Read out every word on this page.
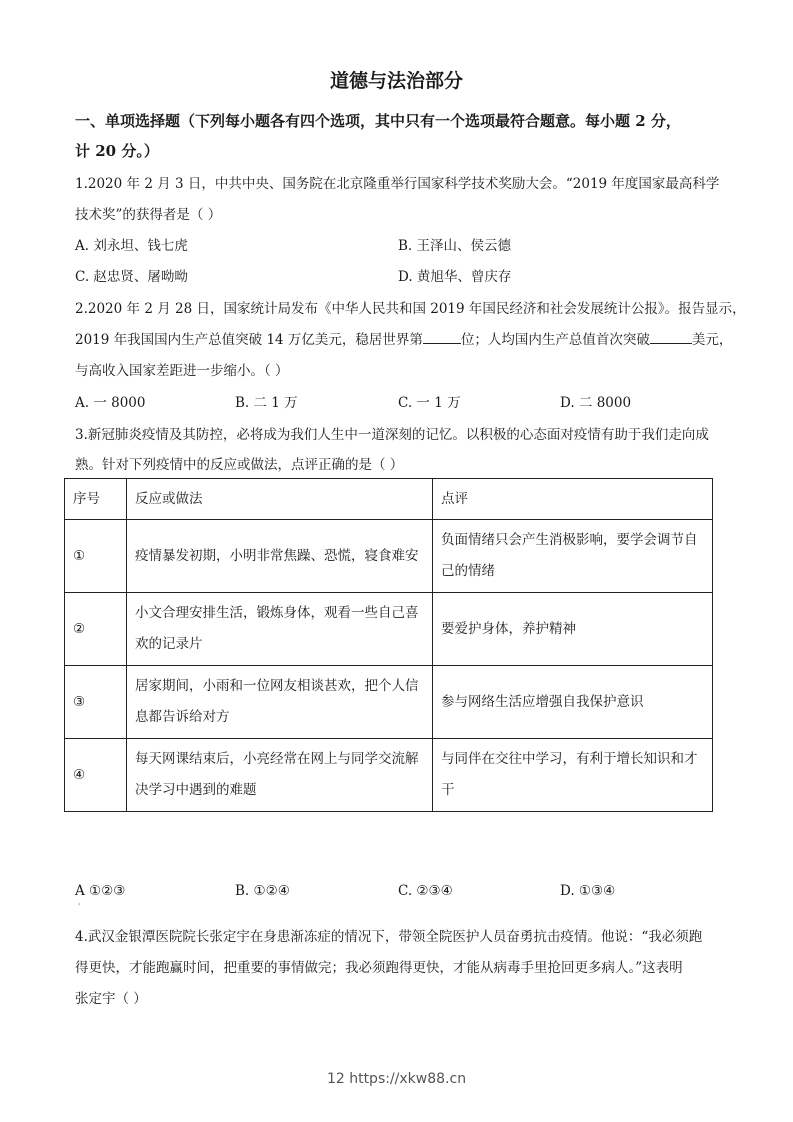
道德与法治部分
一、单项选择题（下列每小题各有四个选项，其中只有一个选项最符合题意。每小题 2 分，
计 20 分。）
1.2020 年 2 月 3 日，中共中央、国务院在北京隆重举行国家科学技术奖励大会。“2019 年度国家最高科学
技术奖”的获得者是（ ）
A. 刘永坦、钱七虎	B. 王泽山、侯云德
C. 赵忠贤、屠呦呦	D. 黄旭华、曾庆存
2.2020 年 2 月 28 日，国家统计局发布《中华人民共和国 2019 年国民经济和社会发展统计公报》。报告显示，
2019 年我国国内生产总值突破 14 万亿美元，稳居世界第	位；人均国内生产总值首次突破	美元，
与高收入国家差距进一步缩小。（ ）
A. 一 8000	B. 二 1 万	C. 一 1 万	D. 二 8000
3.新冠肺炎疫情及其防控，必将成为我们人生中一道深刻的记忆。以积极的心态面对疫情有助于我们走向成
熟。针对下列疫情中的反应或做法，点评正确的是（ ）
序号	反应或做法	点评
①	疫情暴发初期，小明非常焦躁、恐慌，寝食难安	负面情绪只会产生消极影响，要学会调节自己的情绪
②	小文合理安排生活，锻炼身体，观看一些自己喜欢的记录片	要爱护身体，养护精神
③	居家期间，小雨和一位网友相谈甚欢，把个人信息都告诉给对方	参与网络生活应增强自我保护意识
④	每天网课结束后，小亮经常在网上与同学交流解决学习中遇到的难题	与同伴在交往中学习，有利于增长知识和才干
A ①②③	B. ①②④	C. ②③④	D. ①③④
'
4.武汉金银潭医院院长张定宇在身患渐冻症的情况下，带领全院医护人员奋勇抗击疫情。他说：“我必须跑
得更快，才能跑赢时间，把重要的事情做完；我必须跑得更快，才能从病毒手里抢回更多病人。”这表明
张定宇（ ）
12 https://xkw88.cn
